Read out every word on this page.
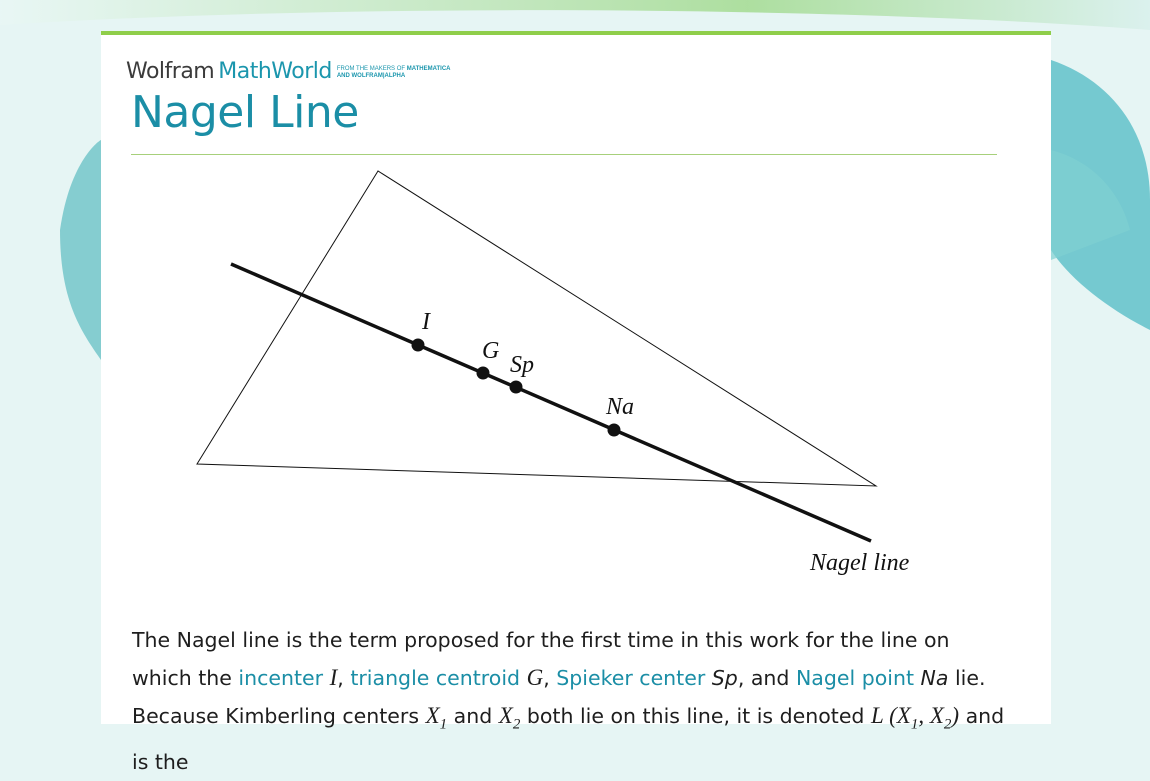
Wolfram MathWorld FROM THE MAKERS OF MATHEMATICA
AND WOLFRAM|ALPHA
Nagel Line
I
G
Sp
Na
Nagel line

The Nagel line is the term proposed for the first time in this work for the line on which the incenter I, triangle centroid G, Spieker center Sp, and Nagel point Na lie. Because Kimberling centers $X_1$ and $X_2$ both lie on this line, it is denoted L ($X_1$, $X_2$) and is the
